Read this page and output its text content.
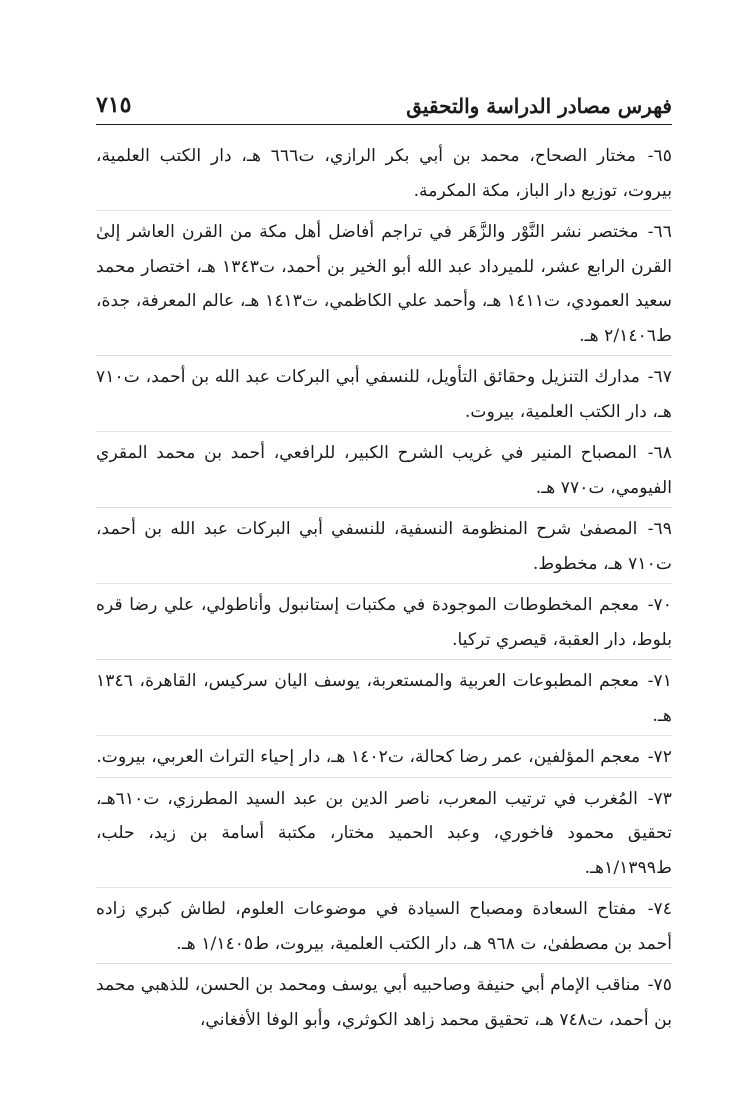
فهرس مصادر الدراسة والتحقيق
٧١٥

٦٥- مختار الصحاح، محمد بن أبي بكر الرازي، ت٦٦٦ هـ، دار الكتب العلمية، بيروت، توزيع دار الباز، مكة المكرمة.

٦٦- مختصر نشر النَّوْر والزَّهَر في تراجم أفاضل أهل مكة من القرن العاشر إلىٰ القرن الرابع عشر، للميرداد عبد الله أبو الخير بن أحمد، ت١٣٤٣ هـ، اختصار محمد سعيد العمودي، ت١٤١١ هـ، وأحمد علي الكاظمي، ت١٤١٣ هـ، عالم المعرفة، جدة، ط٢/١٤٠٦ هـ.

٦٧- مدارك التنزيل وحقائق التأويل، للنسفي أبي البركات عبد الله بن أحمد، ت٧١٠ هـ، دار الكتب العلمية، بيروت.

٦٨- المصباح المنير في غريب الشرح الكبير، للرافعي، أحمد بن محمد المقري الفيومي، ت٧٧٠ هـ.

٦٩- المصفىٰ شرح المنظومة النسفية، للنسفي أبي البركات عبد الله بن أحمد، ت٧١٠ هـ، مخطوط.

٧٠- معجم المخطوطات الموجودة في مكتبات إستانبول وأناطولي، علي رضا قره بلوط، دار العقبة، قيصري تركيا.

٧١- معجم المطبوعات العربية والمستعربة، يوسف اليان سركيس، القاهرة، ١٣٤٦ هـ.

٧٢- معجم المؤلفين، عمر رضا كحالة، ت١٤٠٢ هـ، دار إحياء التراث العربي، بيروت.

٧٣- المُغرب في ترتيب المعرب، ناصر الدين بن عبد السيد المطرزي، ت٦١٠هـ، تحقيق محمود فاخوري، وعبد الحميد مختار، مكتبة أسامة بن زيد، حلب، ط١/١٣٩٩هـ.

٧٤- مفتاح السعادة ومصباح السيادة في موضوعات العلوم، لطاش كبري زاده أحمد بن مصطفىٰ، ت ٩٦٨ هـ، دار الكتب العلمية، بيروت، ط١/١٤٠٥ هـ.

٧٥- مناقب الإمام أبي حنيفة وصاحبيه أبي يوسف ومحمد بن الحسن، للذهبي محمد بن أحمد، ت٧٤٨ هـ، تحقيق محمد زاهد الكوثري، وأبو الوفا الأفغاني،
